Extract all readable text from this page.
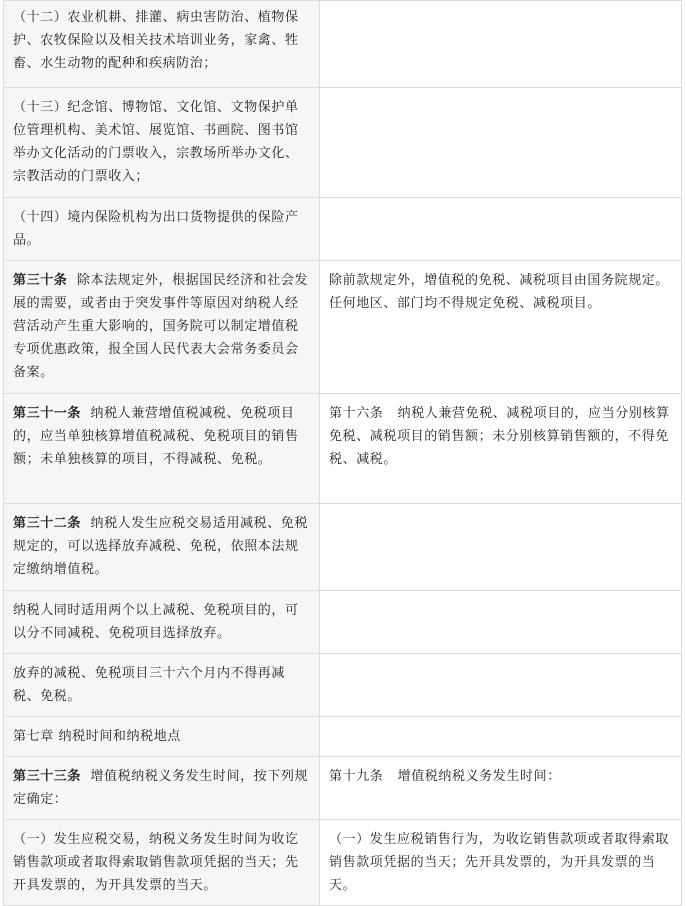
（十二）农业机耕、排灌、病虫害防治、植物保护、农牧保险以及相关技术培训业务，家禽、牲畜、水生动物的配种和疾病防治；	
（十三）纪念馆、博物馆、文化馆、文物保护单位管理机构、美术馆、展览馆、书画院、图书馆举办文化活动的门票收入，宗教场所举办文化、宗教活动的门票收入；	
（十四）境内保险机构为出口货物提供的保险产品。	
第三十条 除本法规定外，根据国民经济和社会发展的需要，或者由于突发事件等原因对纳税人经营活动产生重大影响的，国务院可以制定增值税专项优惠政策，报全国人民代表大会常务委员会备案。	除前款规定外，增值税的免税、减税项目由国务院规定。任何地区、部门均不得规定免税、减税项目。
第三十一条 纳税人兼营增值税减税、免税项目的，应当单独核算增值税减税、免税项目的销售额；未单独核算的项目，不得减税、免税。	第十六条 纳税人兼营免税、减税项目的，应当分别核算免税、减税项目的销售额；未分别核算销售额的，不得免税、减税。
第三十二条 纳税人发生应税交易适用减税、免税规定的，可以选择放弃减税、免税，依照本法规定缴纳增值税。	
纳税人同时适用两个以上减税、免税项目的，可以分不同减税、免税项目选择放弃。	
放弃的减税、免税项目三十六个月内不得再减税、免税。	
第七章 纳税时间和纳税地点	
第三十三条 增值税纳税义务发生时间，按下列规定确定：	第十九条 增值税纳税义务发生时间：
（一）发生应税交易，纳税义务发生时间为收讫销售款项或者取得索取销售款项凭据的当天；先开具发票的，为开具发票的当天。	（一）发生应税销售行为，为收讫销售款项或者取得索取销售款项凭据的当天；先开具发票的，为开具发票的当天。
